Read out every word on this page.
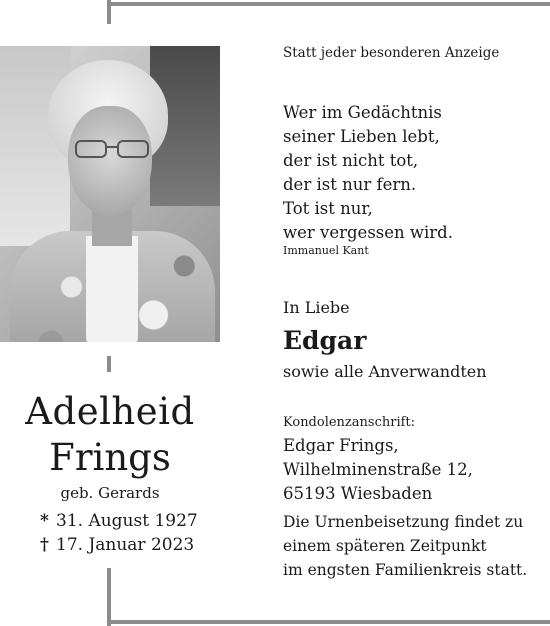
Adelheid
Frings
geb. Gerards
* 31. August 1927
† 17. Januar 2023
Statt jeder besonderen Anzeige
Wer im Gedächtnis
seiner Lieben lebt,
der ist nicht tot,
der ist nur fern.
Tot ist nur,
wer vergessen wird.
Immanuel Kant
In Liebe
Edgar
sowie alle Anverwandten
Kondolenzanschrift:
Edgar Frings,
Wilhelminenstraße 12,
65193 Wiesbaden
Die Urnenbeisetzung findet zu
einem späteren Zeitpunkt
im engsten Familienkreis statt.
